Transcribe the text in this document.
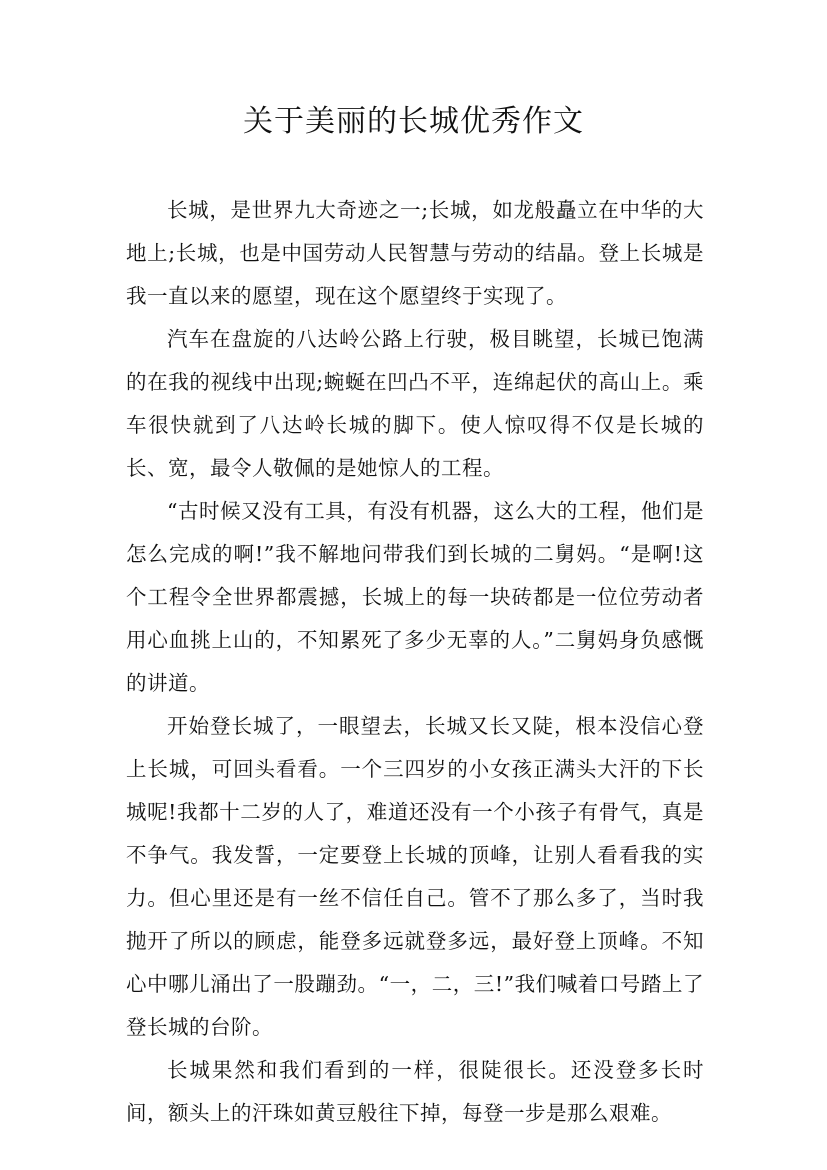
关于美丽的长城优秀作文

长城，是世界九大奇迹之一;长城，如龙般矗立在中华的大地上;长城，也是中国劳动人民智慧与劳动的结晶。登上长城是我一直以来的愿望，现在这个愿望终于实现了。

汽车在盘旋的八达岭公路上行驶，极目眺望，长城已饱满的在我的视线中出现;蜿蜒在凹凸不平，连绵起伏的高山上。乘车很快就到了八达岭长城的脚下。使人惊叹得不仅是长城的长、宽，最令人敬佩的是她惊人的工程。

“古时候又没有工具，有没有机器，这么大的工程，他们是怎么完成的啊!”我不解地问带我们到长城的二舅妈。“是啊!这个工程令全世界都震撼，长城上的每一块砖都是一位位劳动者用心血挑上山的，不知累死了多少无辜的人。”二舅妈身负感慨的讲道。

开始登长城了，一眼望去，长城又长又陡，根本没信心登上长城，可回头看看。一个三四岁的小女孩正满头大汗的下长城呢!我都十二岁的人了，难道还没有一个小孩子有骨气，真是不争气。我发誓，一定要登上长城的顶峰，让别人看看我的实力。但心里还是有一丝不信任自己。管不了那么多了，当时我抛开了所以的顾虑，能登多远就登多远，最好登上顶峰。不知心中哪儿涌出了一股蹦劲。“一，二，三!”我们喊着口号踏上了登长城的台阶。

长城果然和我们看到的一样，很陡很长。还没登多长时间，额头上的汗珠如黄豆般往下掉，每登一步是那么艰难。
